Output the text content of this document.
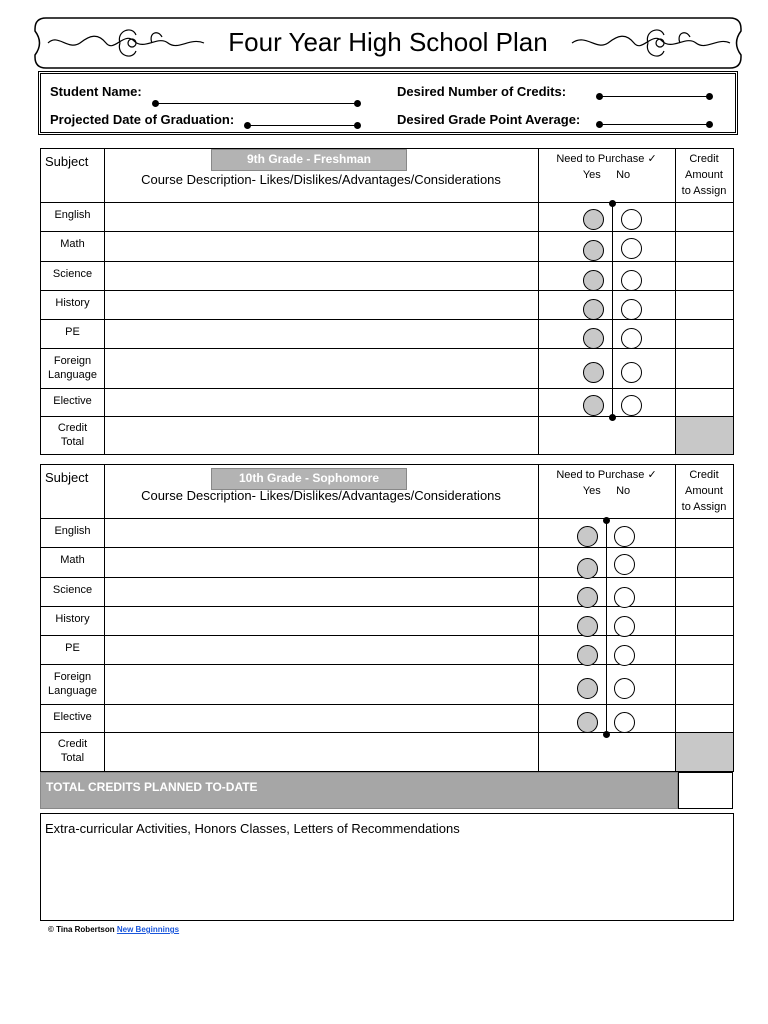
Four Year High School Plan
Student Name:
Projected Date of Graduation:
Desired Number of Credits:
Desired Grade Point Average:
Subject	9th Grade - Freshman
Course Description- Likes/Dislikes/Advantages/Considerations
Need to Purchase ✓
Yes No
Credit
Amount
to Assign
English
Math
Science
History
PE
Foreign
Language
Elective
Credit
Total
Subject	10th Grade - Sophomore
Course Description- Likes/Dislikes/Advantages/Considerations
Need to Purchase ✓
Yes No
Credit
Amount
to Assign
English
Math
Science
History
PE
Foreign
Language
Elective
Credit
Total
TOTAL CREDITS PLANNED TO-DATE
Extra-curricular Activities, Honors Classes, Letters of Recommendations
© Tina Robertson New Beginnings
